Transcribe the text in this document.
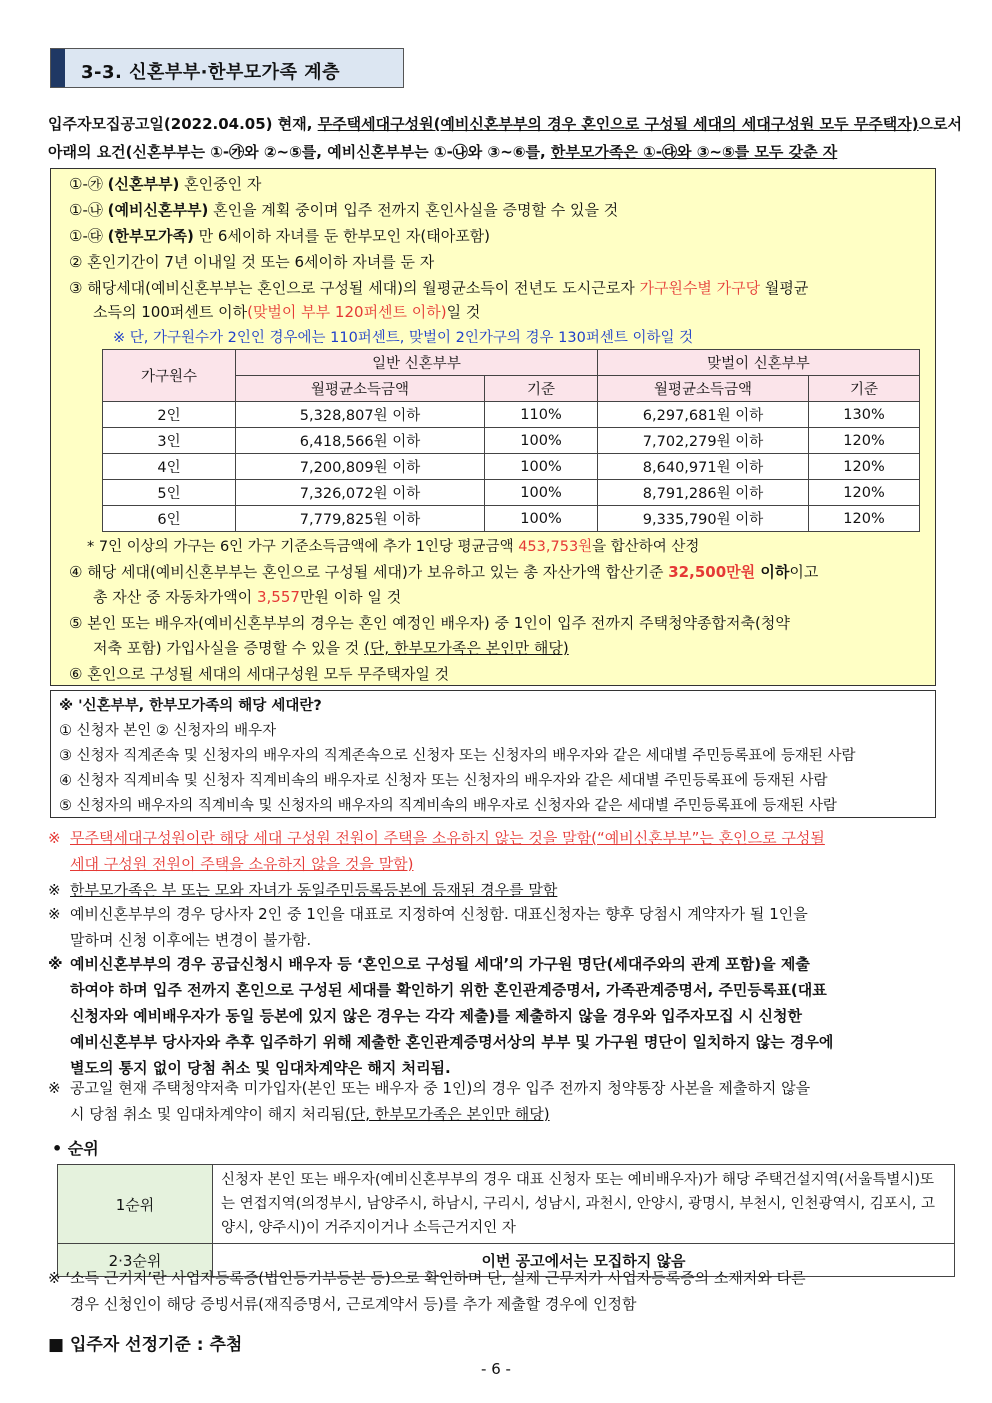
3-3. 신혼부부·한부모가족 계층
입주자모집공고일(2022.04.05) 현재, 무주택세대구성원(예비신혼부부의 경우 혼인으로 구성될 세대의 세대구성원 모두 무주택자)으로서
아래의 요건(신혼부부는 ①-㉮와 ②~⑤를, 예비신혼부부는 ①-㉯와 ③~⑥를, 한부모가족은 ①-㉰와 ③~⑤를 모두 갖춘 자
①-㉮ (신혼부부) 혼인중인 자
①-㉯ (예비신혼부부) 혼인을 계획 중이며 입주 전까지 혼인사실을 증명할 수 있을 것
①-㉰ (한부모가족) 만 6세이하 자녀를 둔 한부모인 자(태아포함)
② 혼인기간이 7년 이내일 것 또는 6세이하 자녀를 둔 자
③ 해당세대(예비신혼부부는 혼인으로 구성될 세대)의 월평균소득이 전년도 도시근로자 가구원수별 가구당 월평균
소득의 100퍼센트 이하(맞벌이 부부 120퍼센트 이하)일 것
※ 단, 가구원수가 2인인 경우에는 110퍼센트, 맞벌이 2인가구의 경우 130퍼센트 이하일 것
가구원수	일반 신혼부부		맞벌이 신혼부부	
	월평균소득금액	기준	월평균소득금액	기준
2인	5,328,807원 이하	110%	6,297,681원 이하	130%
3인	6,418,566원 이하	100%	7,702,279원 이하	120%
4인	7,200,809원 이하	100%	8,640,971원 이하	120%
5인	7,326,072원 이하	100%	8,791,286원 이하	120%
6인	7,779,825원 이하	100%	9,335,790원 이하	120%
* 7인 이상의 가구는 6인 가구 기준소득금액에 추가 1인당 평균금액 453,753원을 합산하여 산정
④ 해당 세대(예비신혼부부는 혼인으로 구성될 세대)가 보유하고 있는 총 자산가액 합산기준 32,500만원 이하이고
총 자산 중 자동차가액이 3,557만원 이하 일 것
⑤ 본인 또는 배우자(예비신혼부부의 경우는 혼인 예정인 배우자) 중 1인이 입주 전까지 주택청약종합저축(청약
저축 포함) 가입사실을 증명할 수 있을 것 (단, 한부모가족은 본인만 해당)
⑥ 혼인으로 구성될 세대의 세대구성원 모두 무주택자일 것
※ '신혼부부, 한부모가족의 해당 세대란?
① 신청자 본인 ② 신청자의 배우자
③ 신청자 직계존속 및 신청자의 배우자의 직계존속으로 신청자 또는 신청자의 배우자와 같은 세대별 주민등록표에 등재된 사람
④ 신청자 직계비속 및 신청자 직계비속의 배우자로 신청자 또는 신청자의 배우자와 같은 세대별 주민등록표에 등재된 사람
⑤ 신청자의 배우자의 직계비속 및 신청자의 배우자의 직계비속의 배우자로 신청자와 같은 세대별 주민등록표에 등재된 사람
※ 무주택세대구성원이란 해당 세대 구성원 전원이 주택을 소유하지 않는 것을 말함(“예비신혼부부”는 혼인으로 구성될
세대 구성원 전원이 주택을 소유하지 않을 것을 말함)
※ 한부모가족은 부 또는 모와 자녀가 동일주민등록등본에 등재된 경우를 말함
※ 예비신혼부부의 경우 당사자 2인 중 1인을 대표로 지정하여 신청함. 대표신청자는 향후 당첨시 계약자가 될 1인을
말하며 신청 이후에는 변경이 불가함.
※ 예비신혼부부의 경우 공급신청시 배우자 등 ‘혼인으로 구성될 세대’의 가구원 명단(세대주와의 관계 포함)을 제출
하여야 하며 입주 전까지 혼인으로 구성된 세대를 확인하기 위한 혼인관계증명서, 가족관계증명서, 주민등록표(대표
신청자와 예비배우자가 동일 등본에 있지 않은 경우는 각각 제출)를 제출하지 않을 경우와 입주자모집 시 신청한
예비신혼부부 당사자와 추후 입주하기 위해 제출한 혼인관계증명서상의 부부 및 가구원 명단이 일치하지 않는 경우에
별도의 통지 없이 당첨 취소 및 임대차계약은 해지 처리됨.
※ 공고일 현재 주택청약저축 미가입자(본인 또는 배우자 중 1인)의 경우 입주 전까지 청약통장 사본을 제출하지 않을
시 당첨 취소 및 임대차계약이 해지 처리됨(단, 한부모가족은 본인만 해당)
• 순위
1순위	신청자 본인 또는 배우자(예비신혼부부의 경우 대표 신청자 또는 예비배우자)가 해당 주택건설지역(서울특별시)또는 연접지역(의정부시, 남양주시, 하남시, 구리시, 성남시, 과천시, 안양시, 광명시, 부천시, 인천광역시, 김포시, 고양시, 양주시)이 거주지이거나 소득근거지인 자
2·3순위	이번 공고에서는 모집하지 않음
※ ‘소득 근거지’란 사업자등록증(법인등기부등본 등)으로 확인하며 단, 실제 근무지가 사업자등록증의 소재지와 다른
경우 신청인이 해당 증빙서류(재직증명서, 근로계약서 등)를 추가 제출할 경우에 인정함
■ 입주자 선정기준 : 추첨
- 6 -
